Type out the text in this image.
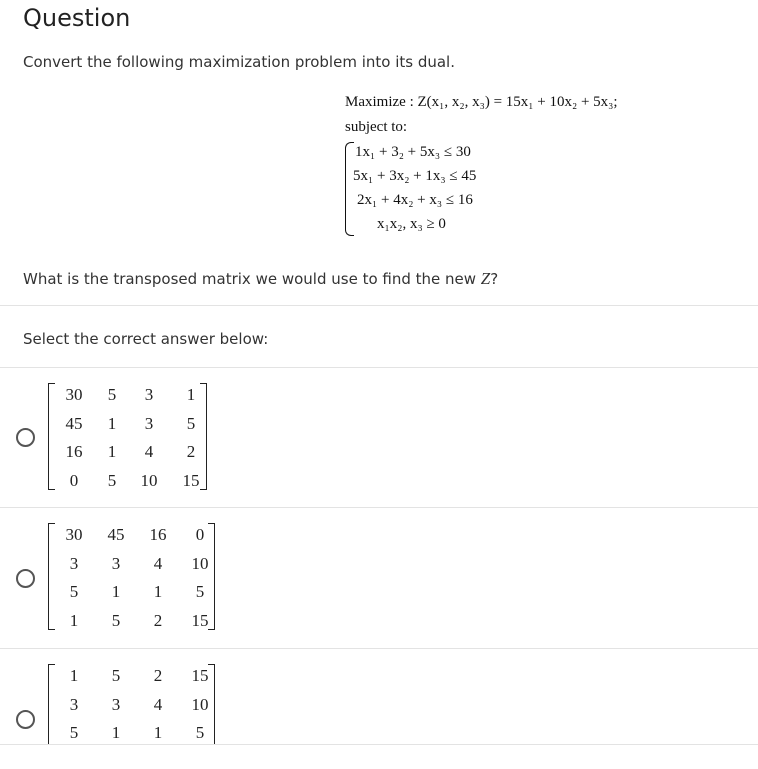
Question
Convert the following maximization problem into its dual.
Maximize : Z(x₁, x₂, x₃) = 15x₁ + 10x₂ + 5x₃;
subject to:
1x₁ + 3₂ + 5x₃ ≤ 30
5x₁ + 3x₂ + 1x₃ ≤ 45
2x₁ + 4x₂ + x₃ ≤ 16
x₁x₂, x₃ ≥ 0
What is the transposed matrix we would use to find the new Z?
Select the correct answer below:
30	5	3	1
45	1	3	5
16	1	4	2
0	5	10	15
30	45	16	0
3	3	4	10
5	1	1	5
1	5	2	15
1	5	2	15
3	3	4	10
5	1	1	5
